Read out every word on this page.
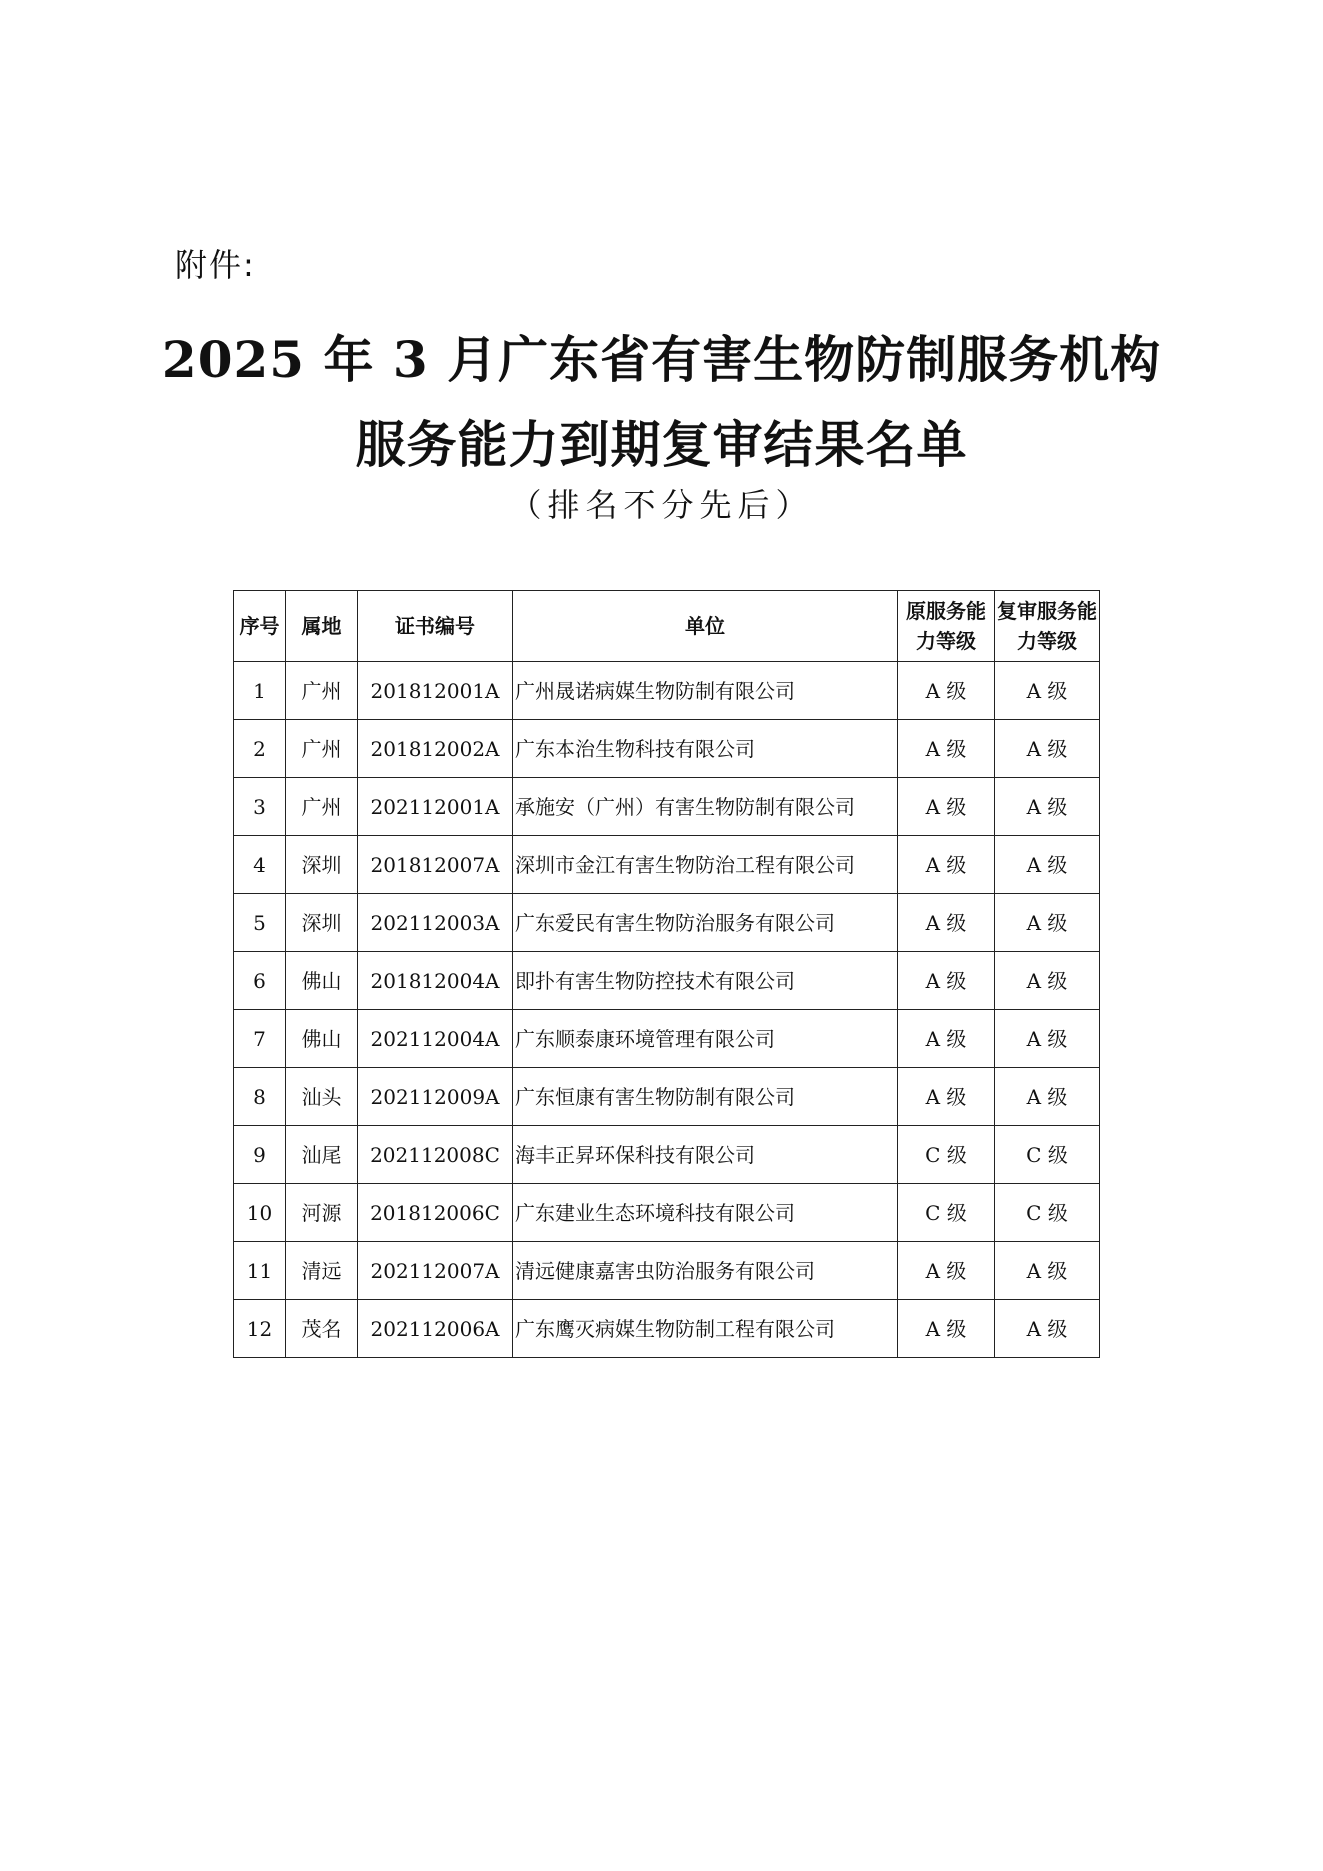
附件:
2025 年 3 月广东省有害生物防制服务机构
服务能力到期复审结果名单
（排名不分先后）
序号	属地	证书编号	单位	原服务能力等级	复审服务能力等级

1	广州	201812001A	广州晟诺病媒生物防制有限公司	A 级	A 级
2	广州	201812002A	广东本治生物科技有限公司	A 级	A 级
3	广州	202112001A	承施安（广州）有害生物防制有限公司	A 级	A 级
4	深圳	201812007A	深圳市金江有害生物防治工程有限公司	A 级	A 级
5	深圳	202112003A	广东爱民有害生物防治服务有限公司	A 级	A 级
6	佛山	201812004A	即扑有害生物防控技术有限公司	A 级	A 级
7	佛山	202112004A	广东顺泰康环境管理有限公司	A 级	A 级
8	汕头	202112009A	广东恒康有害生物防制有限公司	A 级	A 级
9	汕尾	202112008C	海丰正昇环保科技有限公司	C 级	C 级
10	河源	201812006C	广东建业生态环境科技有限公司	C 级	C 级
11	清远	202112007A	清远健康嘉害虫防治服务有限公司	A 级	A 级
12	茂名	202112006A	广东鹰灭病媒生物防制工程有限公司	A 级	A 级
